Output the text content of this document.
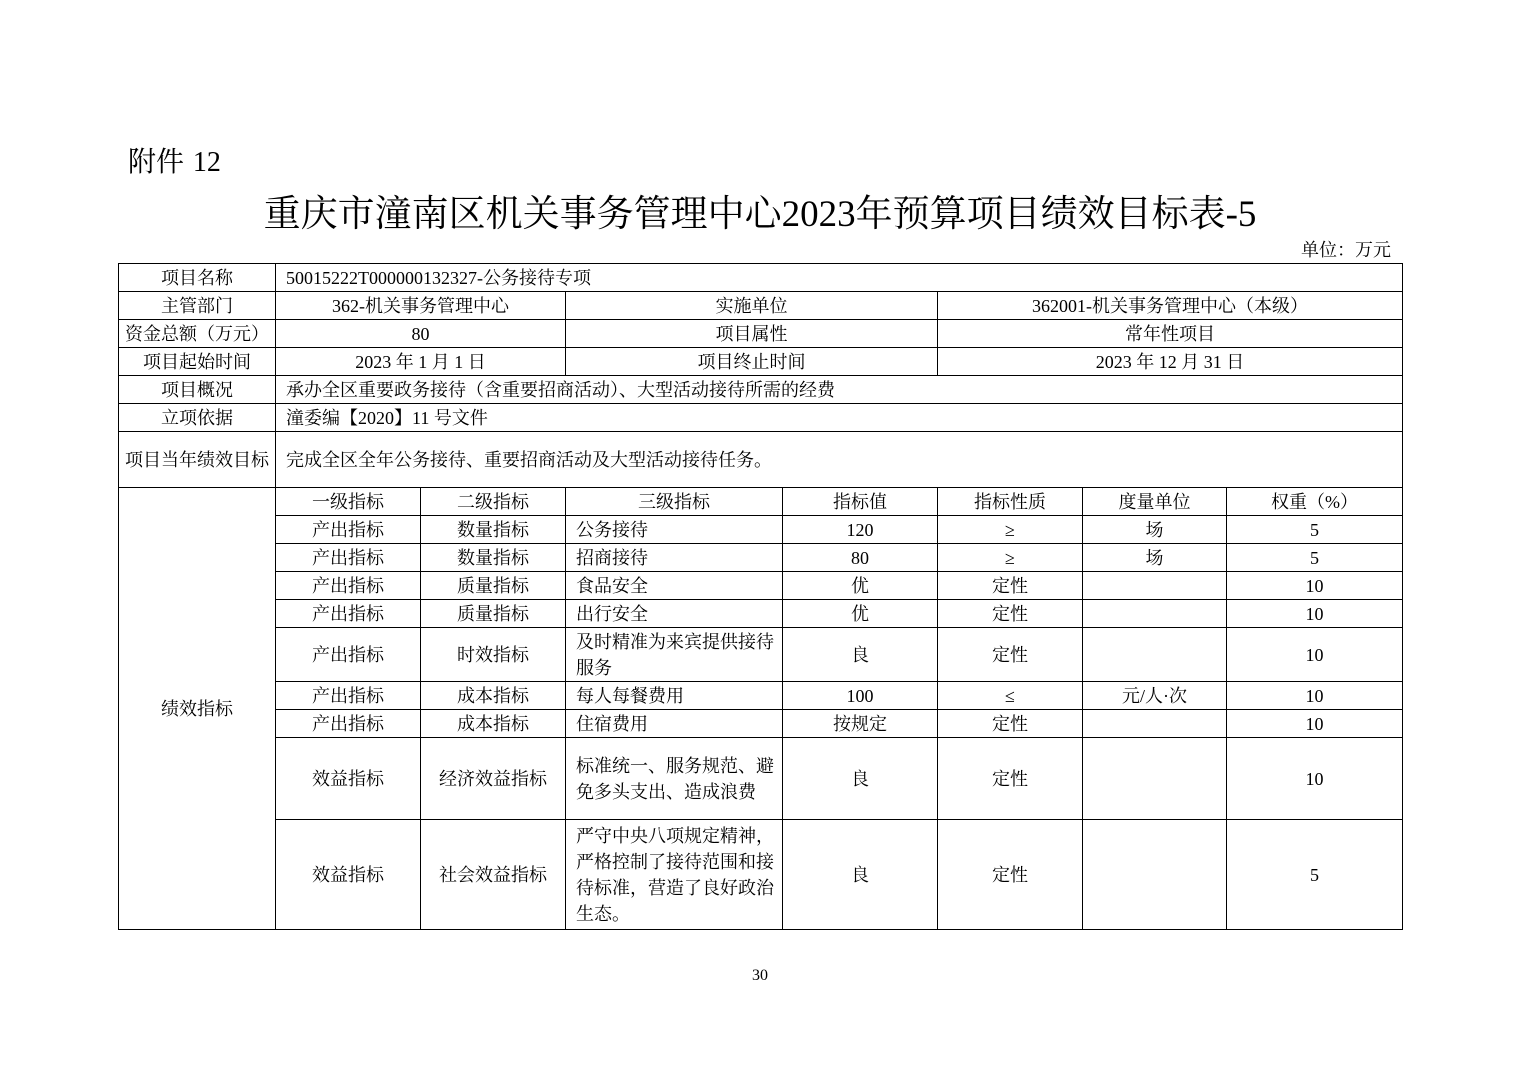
附件 12
重庆市潼南区机关事务管理中心2023年预算项目绩效目标表-5
单位：万元
项目名称	50015222T000000132327-公务接待专项						
主管部门	362-机关事务管理中心		实施单位		362001-机关事务管理中心（本级）		
资金总额（万元）	80		项目属性		常年性项目		
项目起始时间	2023 年 1 月 1 日		项目终止时间		2023 年 12 月 31 日		
项目概况	承办全区重要政务接待（含重要招商活动）、大型活动接待所需的经费						
立项依据	潼委编【2020】11 号文件						
项目当年绩效目标	完成全区全年公务接待、重要招商活动及大型活动接待任务。						
绩效指标	一级指标	二级指标	三级指标	指标值	指标性质	度量单位	权重（%）
	产出指标	数量指标	公务接待	120	≥	场	5
	产出指标	数量指标	招商接待	80	≥	场	5
	产出指标	质量指标	食品安全	优	定性		10
	产出指标	质量指标	出行安全	优	定性		10
	产出指标	时效指标	及时精准为来宾提供接待服务	良	定性		10
	产出指标	成本指标	每人每餐费用	100	≤	元/人·次	10
	产出指标	成本指标	住宿费用	按规定	定性		10
	效益指标	经济效益指标	标准统一、服务规范、避免多头支出、造成浪费	良	定性		10
	效益指标	社会效益指标	严守中央八项规定精神，严格控制了接待范围和接待标准，营造了良好政治生态。	良	定性		5
30
